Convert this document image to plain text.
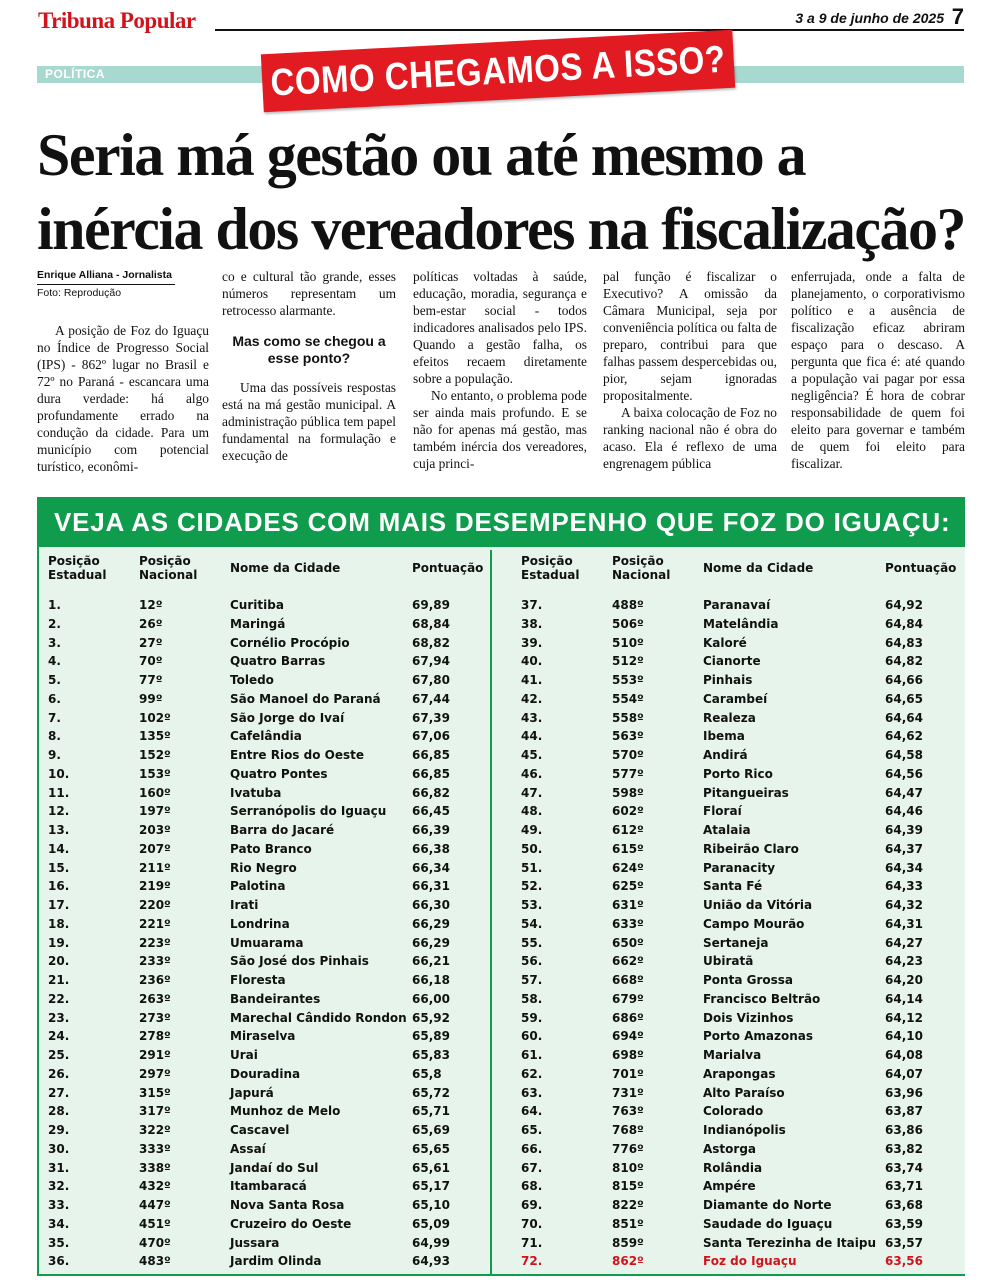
Tribuna Popular	3 a 9 de junho de 2025 7
POLÍTICA	COMO CHEGAMOS A ISSO?
Seria má gestão ou até mesmo a
inércia dos vereadores na fiscalização?
Enrique Alliana - Jornalista
Foto: Reprodução

A posição de Foz do Iguaçu no Índice de Progresso Social (IPS) - 862º lugar no Brasil e 72º no Paraná - escancara uma dura verdade: há algo profundamente errado na condução da cidade. Para um município com potencial turístico, econômi-

co e cultural tão grande, esses números representam um retrocesso alarmante.

Mas como se chegou a esse ponto?

Uma das possíveis respostas está na má gestão municipal. A administração pública tem papel fundamental na formulação e execução de

políticas voltadas à saúde, educação, moradia, segurança e bem-estar social - todos indicadores analisados pelo IPS. Quando a gestão falha, os efeitos recaem diretamente sobre a população.

No entanto, o problema pode ser ainda mais profundo. E se não for apenas má gestão, mas também inércia dos vereadores, cuja princi-

pal função é fiscalizar o Executivo? A omissão da Câmara Municipal, seja por conveniência política ou falta de preparo, contribui para que falhas passem despercebidas ou, pior, sejam ignoradas propositalmente.

A baixa colocação de Foz no ranking nacional não é obra do acaso. Ela é reflexo de uma engrenagem pública

enferrujada, onde a falta de planejamento, o corporativismo político e a ausência de fiscalização eficaz abriram espaço para o descaso. A pergunta que fica é: até quando a população vai pagar por essa negligência? É hora de cobrar responsabilidade de quem foi eleito para governar e também de quem foi eleito para fiscalizar.

VEJA AS CIDADES COM MAIS DESEMPENHO QUE FOZ DO IGUAÇU:
Posição
Estadual
Posição
Nacional	Nome da Cidade	Pontuação
1.	12º	Curitiba	69,89
2.	26º	Maringá	68,84
3.	27º	Cornélio Procópio	68,82
4.	70º	Quatro Barras	67,94
5.	77º	Toledo	67,80
6.	99º	São Manoel do Paraná	67,44
7.	102º	São Jorge do Ivaí	67,39
8.	135º	Cafelândia	67,06
9.	152º	Entre Rios do Oeste	66,85
10.	153º	Quatro Pontes	66,85
11.	160º	Ivatuba	66,82
12.	197º	Serranópolis do Iguaçu	66,45
13.	203º	Barra do Jacaré	66,39
14.	207º	Pato Branco	66,38
15.	211º	Rio Negro	66,34
16.	219º	Palotina	66,31
17.	220º	Irati	66,30
18.	221º	Londrina	66,29
19.	223º	Umuarama	66,29
20.	233º	São José dos Pinhais	66,21
21.	236º	Floresta	66,18
22.	263º	Bandeirantes	66,00
23.	273º	Marechal Cândido Rondon 65,92
24.	278º	Miraselva	65,89
25.	291º	Urai	65,83
26.	297º	Douradina	65,8
27.	315º	Japurá	65,72
28.	317º	Munhoz de Melo	65,71
29.	322º	Cascavel	65,69
30.	333º	Assaí	65,65
31.	338º	Jandaí do Sul	65,61
32.	432º	Itambaracá	65,17
33.	447º	Nova Santa Rosa	65,10
34.	451º	Cruzeiro do Oeste	65,09
35.	470º	Jussara	64,99
36.	483º	Jardim Olinda	64,93
Posição
Estadual
Posição
Nacional	Nome da Cidade	Pontuação
37.	488º	Paranavaí	64,92
38.	506º	Matelândia	64,84
39.	510º	Kaloré	64,83
40.	512º	Cianorte	64,82
41.	553º	Pinhais	64,66
42.	554º	Carambeí	64,65
43.	558º	Realeza	64,64
44.	563º	Ibema	64,62
45.	570º	Andirá	64,58
46.	577º	Porto Rico	64,56
47.	598º	Pitangueiras	64,47
48.	602º	Floraí	64,46
49.	612º	Atalaia	64,39
50.	615º	Ribeirão Claro	64,37
51.	624º	Paranacity	64,34
52.	625º	Santa Fé	64,33
53.	631º	União da Vitória	64,32
54.	633º	Campo Mourão	64,31
55.	650º	Sertaneja	64,27
56.	662º	Ubiratã	64,23
57.	668º	Ponta Grossa	64,20
58.	679º	Francisco Beltrão	64,14
59.	686º	Dois Vizinhos	64,12
60.	694º	Porto Amazonas	64,10
61.	698º	Marialva	64,08
62.	701º	Arapongas	64,07
63.	731º	Alto Paraíso	63,96
64.	763º	Colorado	63,87
65.	768º	Indianópolis	63,86
66.	776º	Astorga	63,82
67.	810º	Rolândia	63,74
68.	815º	Ampére	63,71
69.	822º	Diamante do Norte	63,68
70.	851º	Saudade do Iguaçu	63,59
71.	859º	Santa Terezinha de Itaipu 63,57
72.	862º	Foz do Iguaçu	63,56
